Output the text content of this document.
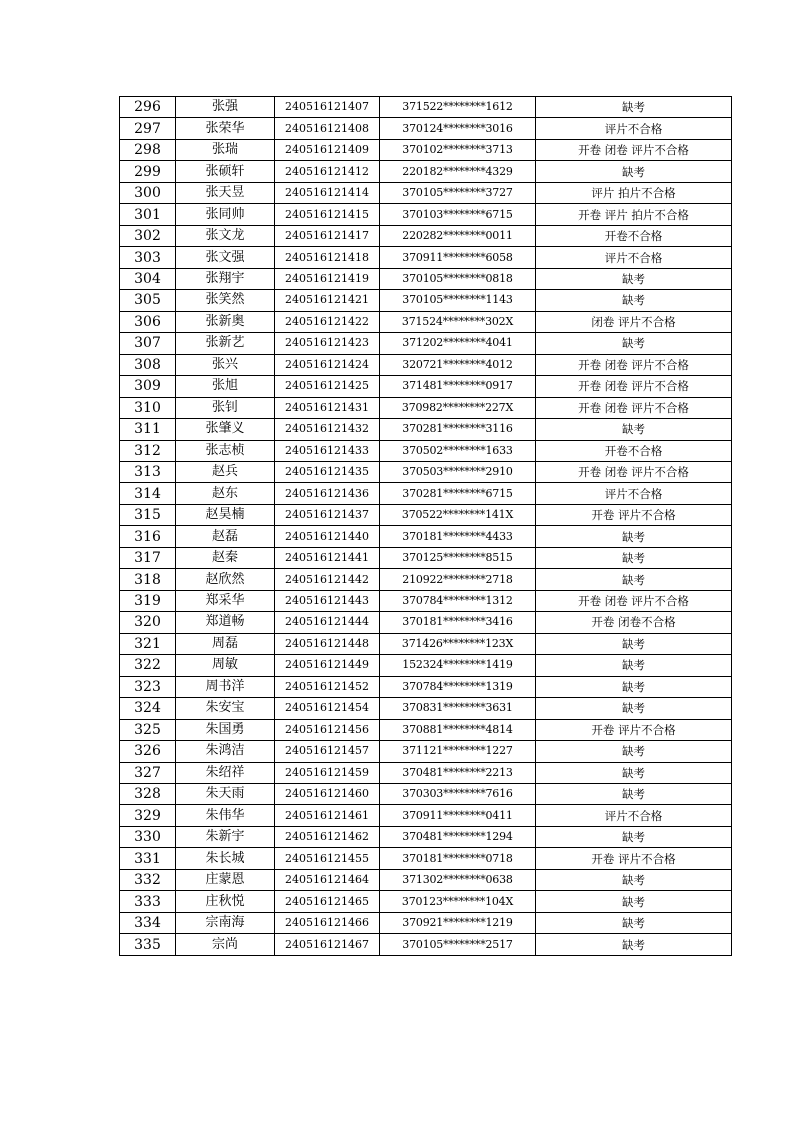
296	张强	240516121407	371522********1612	缺考
297	张荣华	240516121408	370124********3016	评片不合格
298	张瑞	240516121409	370102********3713	开卷 闭卷 评片不合格
299	张硕轩	240516121412	220182********4329	缺考
300	张天昱	240516121414	370105********3727	评片 拍片不合格
301	张同帅	240516121415	370103********6715	开卷 评片 拍片不合格
302	张文龙	240516121417	220282********0011	开卷不合格
303	张文强	240516121418	370911********6058	评片不合格
304	张翔宇	240516121419	370105********0818	缺考
305	张笑然	240516121421	370105********1143	缺考
306	张新奥	240516121422	371524********302X	闭卷 评片不合格
307	张新艺	240516121423	371202********4041	缺考
308	张兴	240516121424	320721********4012	开卷 闭卷 评片不合格
309	张旭	240516121425	371481********0917	开卷 闭卷 评片不合格
310	张钊	240516121431	370982********227X	开卷 闭卷 评片不合格
311	张肇义	240516121432	370281********3116	缺考
312	张志桢	240516121433	370502********1633	开卷不合格
313	赵兵	240516121435	370503********2910	开卷 闭卷 评片不合格
314	赵东	240516121436	370281********6715	评片不合格
315	赵昊楠	240516121437	370522********141X	开卷 评片不合格
316	赵磊	240516121440	370181********4433	缺考
317	赵秦	240516121441	370125********8515	缺考
318	赵欣然	240516121442	210922********2718	缺考
319	郑采华	240516121443	370784********1312	开卷 闭卷 评片不合格
320	郑道畅	240516121444	370181********3416	开卷 闭卷不合格
321	周磊	240516121448	371426********123X	缺考
322	周敏	240516121449	152324********1419	缺考
323	周书洋	240516121452	370784********1319	缺考
324	朱安宝	240516121454	370831********3631	缺考
325	朱国勇	240516121456	370881********4814	开卷 评片不合格
326	朱鸿洁	240516121457	371121********1227	缺考
327	朱绍祥	240516121459	370481********2213	缺考
328	朱天雨	240516121460	370303********7616	缺考
329	朱伟华	240516121461	370911********0411	评片不合格
330	朱新宇	240516121462	370481********1294	缺考
331	朱长城	240516121455	370181********0718	开卷 评片不合格
332	庄蒙恩	240516121464	371302********0638	缺考
333	庄秋悦	240516121465	370123********104X	缺考
334	宗南海	240516121466	370921********1219	缺考
335	宗尚	240516121467	370105********2517	缺考
